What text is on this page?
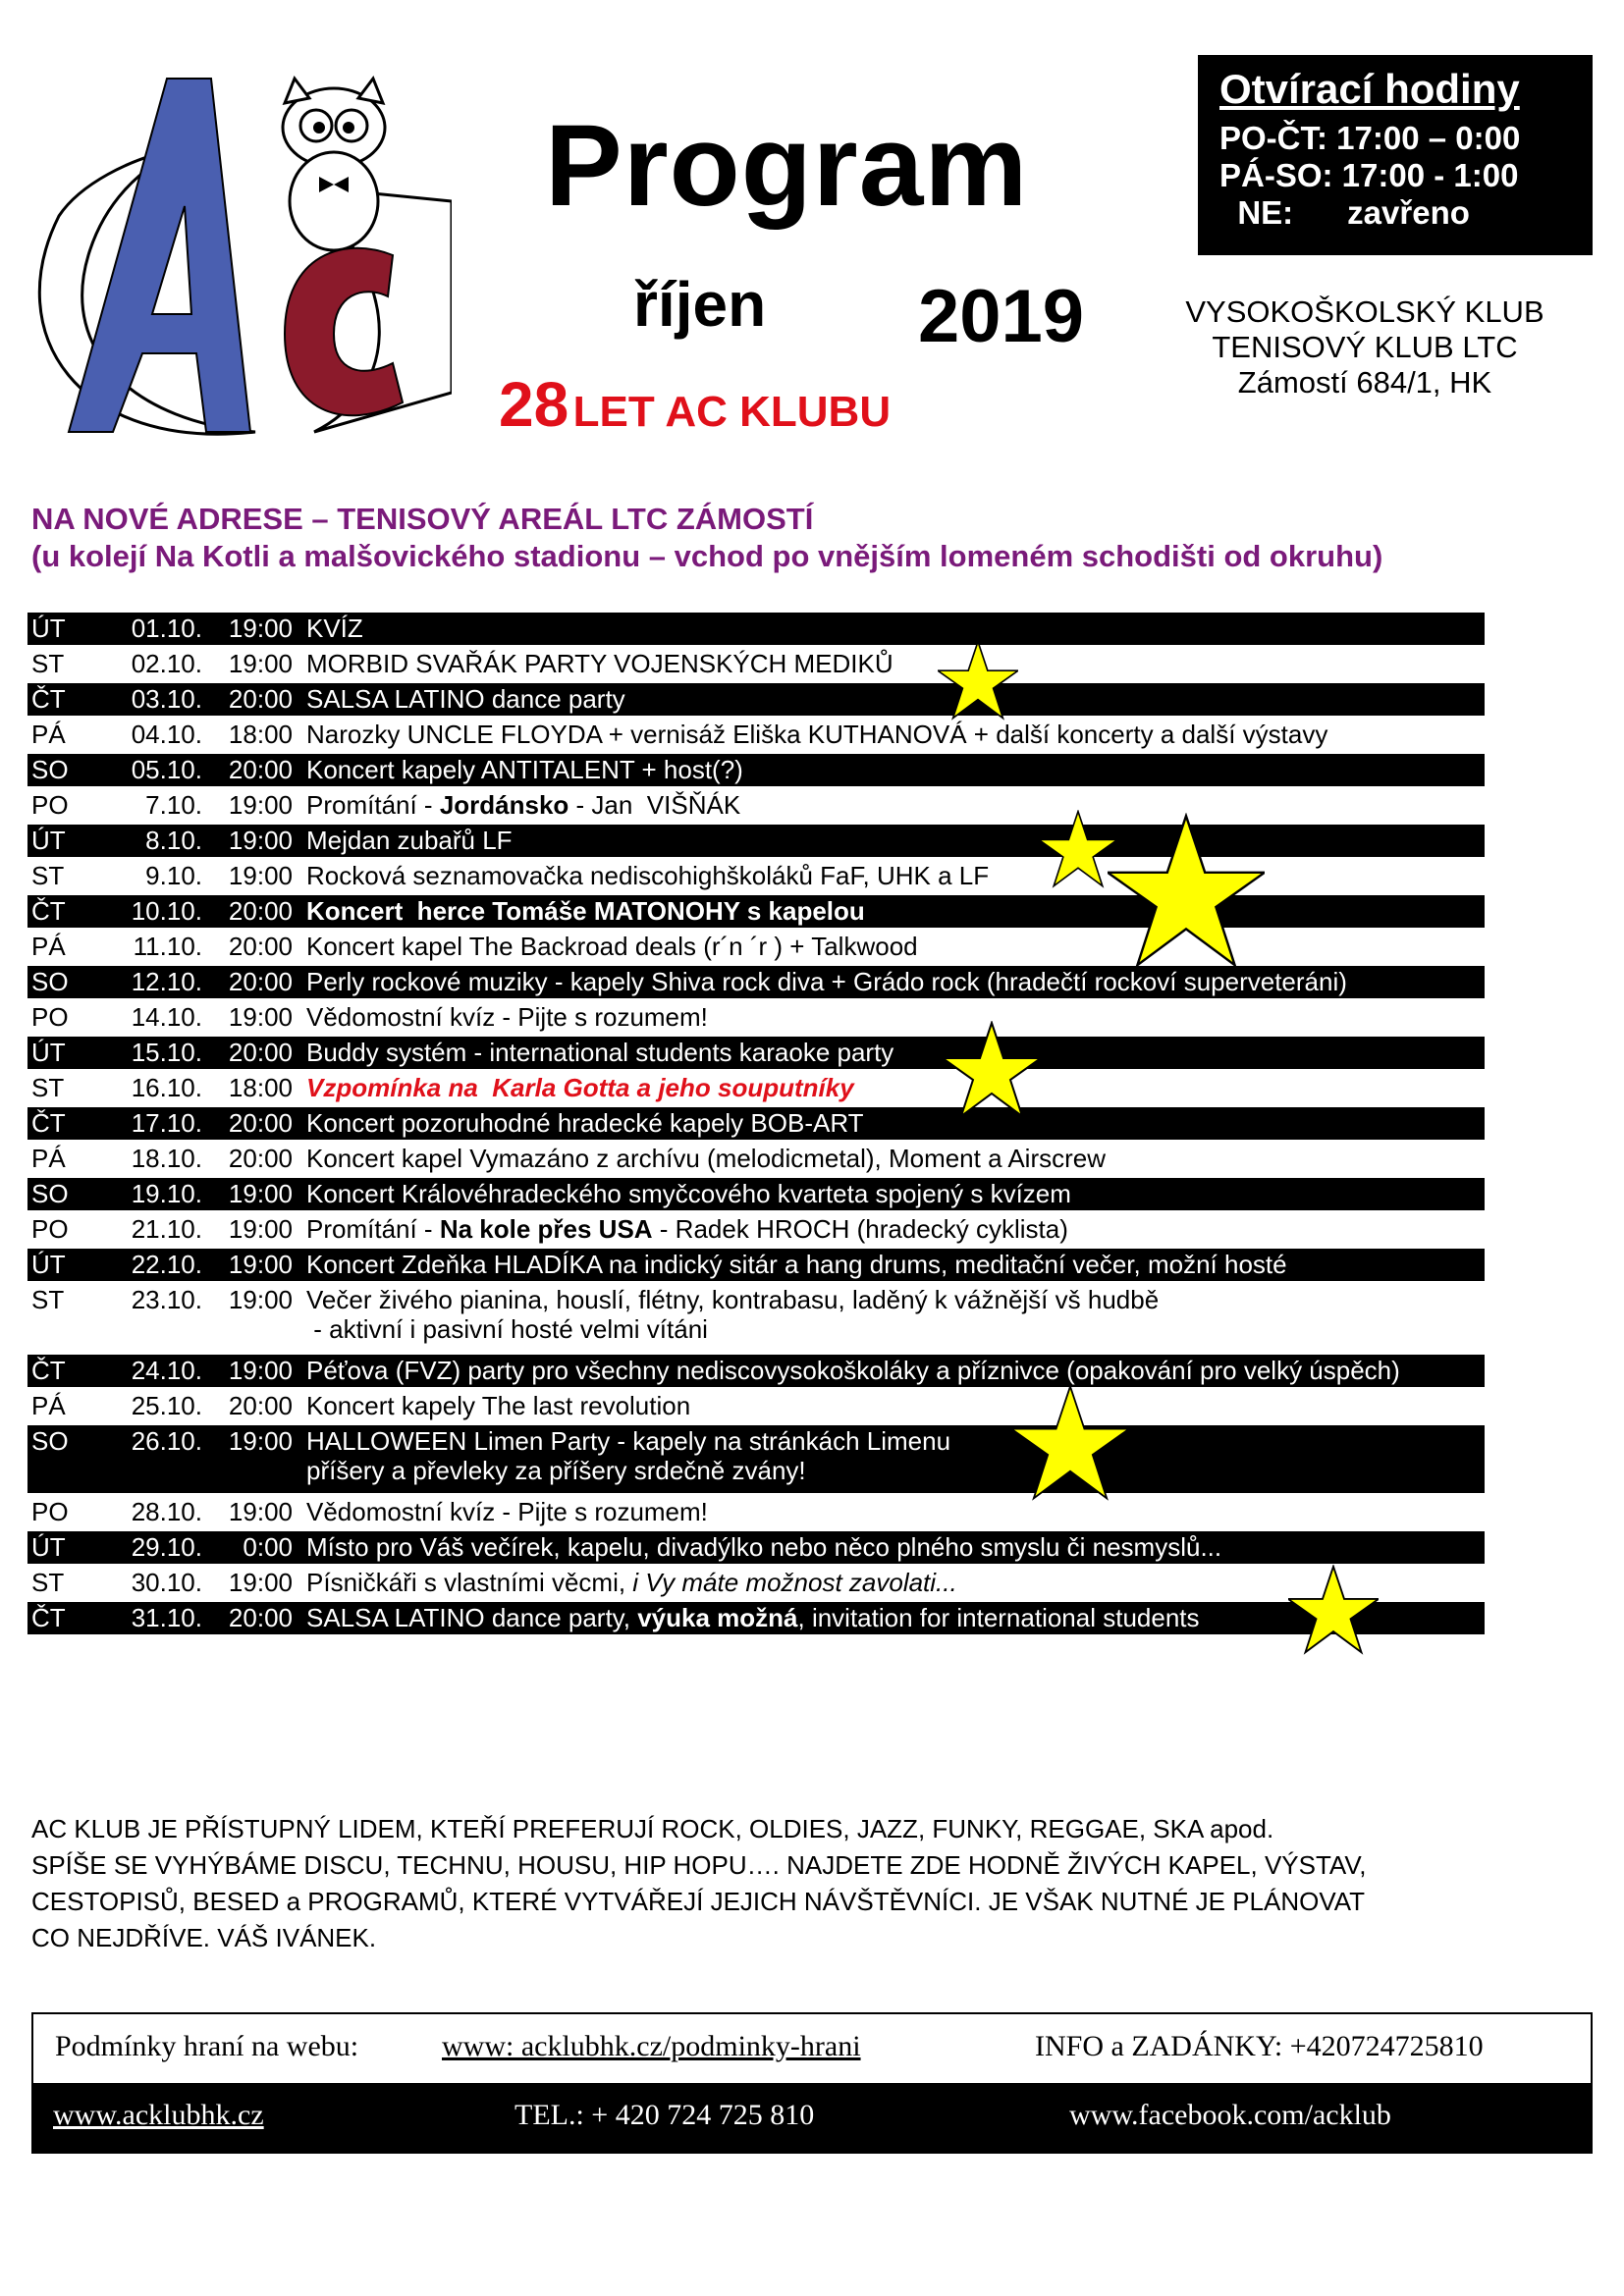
Program
říjen 2019
28 LET AC KLUBU
Otvírací hodiny
PO-ČT: 17:00 – 0:00
PÁ-SO: 17:00 - 1:00
NE:      zavřeno
VYSOKOŠKOLSKÝ KLUB
TENISOVÝ KLUB LTC
Zámostí 684/1, HK
NA NOVÉ ADRESE – TENISOVÝ AREÁL LTC ZÁMOSTÍ
(u kolejí Na Kotli a malšovického stadionu – vchod po vnějším lomeném schodišti od okruhu)
ÚT	01.10.	19:00 KVÍZ
ST	02.10.	19:00 MORBID SVAŘÁK PARTY VOJENSKÝCH MEDIKŮ
ČT	03.10.	20:00 SALSA LATINO dance party
PÁ	04.10.	18:00 Narozky UNCLE FLOYDA + vernisáž Eliška KUTHANOVÁ + další koncerty a další výstavy
SO	05.10.	20:00 Koncert kapely ANTITALENT + host(?)
PO	7.10.	19:00 Promítání - Jordánsko - Jan  VIŠŇÁK
ÚT	8.10.	19:00 Mejdan zubařů LF
ST	9.10.	19:00 Rocková seznamovačka nediscohighškoláků FaF, UHK a LF
ČT	10.10.	20:00 Koncert  herce Tomáše MATONOHY s kapelou
PÁ	11.10.	20:00 Koncert kapel The Backroad deals (r´n ´r ) + Talkwood
SO	12.10.	20:00 Perly rockové muziky - kapely Shiva rock diva + Grádo rock (hradečtí rockoví superveteráni)
PO	14.10.	19:00 Vědomostní kvíz - Pijte s rozumem!
ÚT	15.10.	20:00 Buddy systém - international students karaoke party
ST	16.10.	18:00 Vzpomínka na  Karla Gotta a jeho souputníky
ČT	17.10.	20:00 Koncert pozoruhodné hradecké kapely BOB-ART
PÁ	18.10.	20:00 Koncert kapel Vymazáno z archívu (melodicmetal), Moment a Airscrew
SO	19.10.	19:00 Koncert Královéhradeckého smyčcového kvarteta spojený s kvízem
PO	21.10.	19:00 Promítání - Na kole přes USA - Radek HROCH (hradecký cyklista)
ÚT	22.10.	19:00 Koncert Zdeňka HLADÍKA na indický sitár a hang drums, meditační večer, možní hosté
ST	23.10.	19:00 Večer živého pianina, houslí, flétny, kontrabasu, laděný k vážnější vš hudbě
- aktivní i pasivní hosté velmi vítáni
ČT	24.10.	19:00 Péťova (FVZ) party pro všechny nediscovysokoškoláky a příznivce (opakování pro velký úspěch)
PÁ	25.10.	20:00 Koncert kapely The last revolution
SO	26.10.	19:00 HALLOWEEN Limen Party - kapely na stránkách Limenu
příšery a převleky za příšery srdečně zvány!
PO	28.10.	19:00 Vědomostní kvíz - Pijte s rozumem!
ÚT	29.10.	0:00 Místo pro Váš večírek, kapelu, divadýlko nebo něco plného smyslu či nesmyslů...
ST	30.10.	19:00 Písničkáři s vlastními věcmi, i Vy máte možnost zavolati...
ČT	31.10.	20:00 SALSA LATINO dance party, výuka možná, invitation for international students
AC KLUB JE PŘÍSTUPNÝ LIDEM, KTEŘÍ PREFERUJÍ ROCK, OLDIES, JAZZ, FUNKY, REGGAE, SKA apod.
SPÍŠE SE VYHÝBÁME DISCU, TECHNU, HOUSU, HIP HOPU…. NAJDETE ZDE HODNĚ ŽIVÝCH KAPEL, VÝSTAV,
CESTOPISŮ, BESED a PROGRAMŮ, KTERÉ VYTVÁŘEJÍ JEJICH NÁVŠTĚVNÍCI. JE VŠAK NUTNÉ JE PLÁNOVAT
CO NEJDŘÍVE. VÁŠ IVÁNEK.
Podmínky hraní na webu:	www: acklubhk.cz/podminky-hrani	INFO a ZADÁNKY: +420724725810
www.acklubhk.cz	TEL.: + 420 724 725 810	www.facebook.com/acklub
